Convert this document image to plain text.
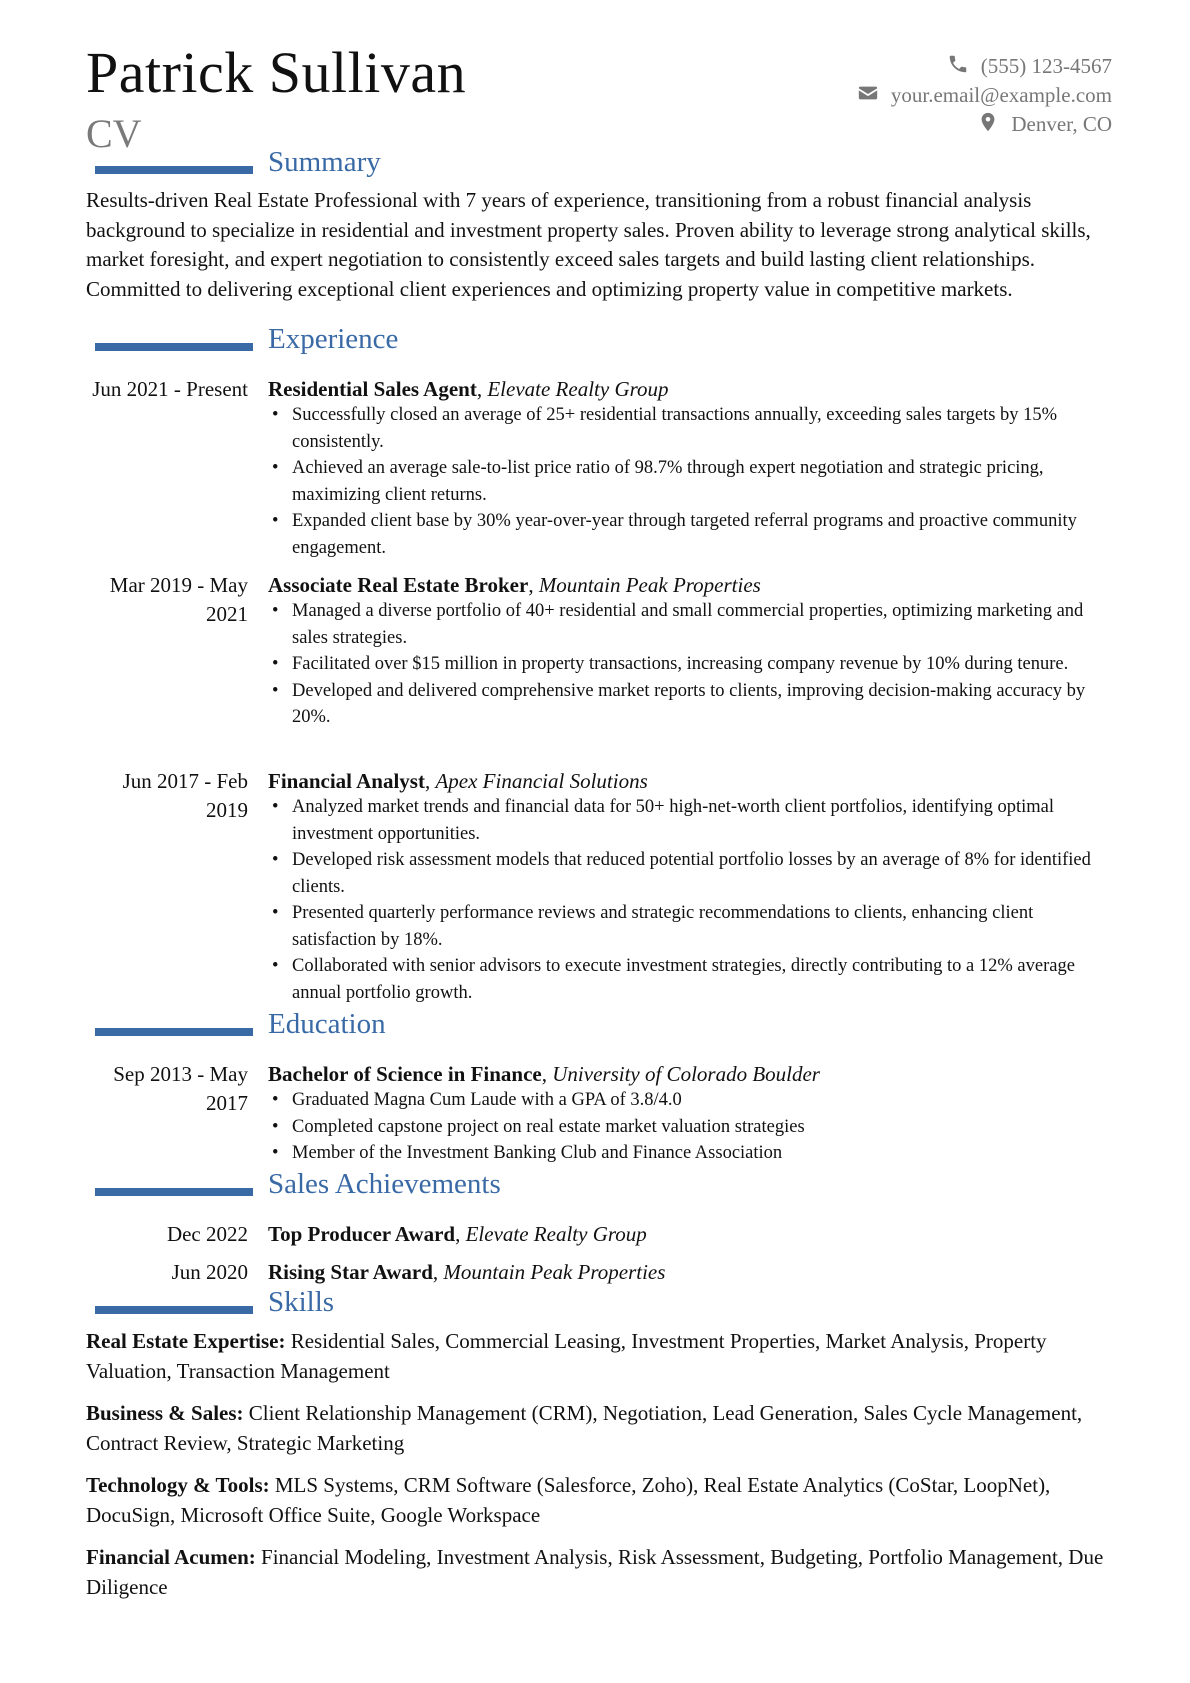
Patrick Sullivan
CV
(555) 123-4567
your.email@example.com
Denver, CO
Summary
Results-driven Real Estate Professional with 7 years of experience, transitioning from a robust financial analysis background to specialize in residential and investment property sales. Proven ability to leverage strong analytical skills, market foresight, and expert negotiation to consistently exceed sales targets and build lasting client relationships. Committed to delivering exceptional client experiences and optimizing property value in competitive markets.
Experience
Jun 2021 - Present Residential Sales Agent, Elevate Realty Group
• Successfully closed an average of 25+ residential transactions annually, exceeding sales targets by 15% consistently.
• Achieved an average sale-to-list price ratio of 98.7% through expert negotiation and strategic pricing, maximizing client returns.
• Expanded client base by 30% year-over-year through targeted referral programs and proactive community engagement.
Mar 2019 - May 2021
Associate Real Estate Broker, Mountain Peak Properties
• Managed a diverse portfolio of 40+ residential and small commercial properties, optimizing marketing and sales strategies.
• Facilitated over $15 million in property transactions, increasing company revenue by 10% during tenure.
• Developed and delivered comprehensive market reports to clients, improving decision-making accuracy by 20%.
Jun 2017 - Feb 2019
Financial Analyst, Apex Financial Solutions
• Analyzed market trends and financial data for 50+ high-net-worth client portfolios, identifying optimal investment opportunities.
• Developed risk assessment models that reduced potential portfolio losses by an average of 8% for identified clients.
• Presented quarterly performance reviews and strategic recommendations to clients, enhancing client satisfaction by 18%.
• Collaborated with senior advisors to execute investment strategies, directly contributing to a 12% average annual portfolio growth.
Education
Sep 2013 - May 2017
Bachelor of Science in Finance, University of Colorado Boulder
• Graduated Magna Cum Laude with a GPA of 3.8/4.0
• Completed capstone project on real estate market valuation strategies
• Member of the Investment Banking Club and Finance Association
Sales Achievements
Dec 2022 Top Producer Award, Elevate Realty Group
Jun 2020 Rising Star Award, Mountain Peak Properties
Skills
Real Estate Expertise: Residential Sales, Commercial Leasing, Investment Properties, Market Analysis, Property Valuation, Transaction Management
Business & Sales: Client Relationship Management (CRM), Negotiation, Lead Generation, Sales Cycle Management, Contract Review, Strategic Marketing
Technology & Tools: MLS Systems, CRM Software (Salesforce, Zoho), Real Estate Analytics (CoStar, LoopNet), DocuSign, Microsoft Office Suite, Google Workspace
Financial Acumen: Financial Modeling, Investment Analysis, Risk Assessment, Budgeting, Portfolio Management, Due Diligence
